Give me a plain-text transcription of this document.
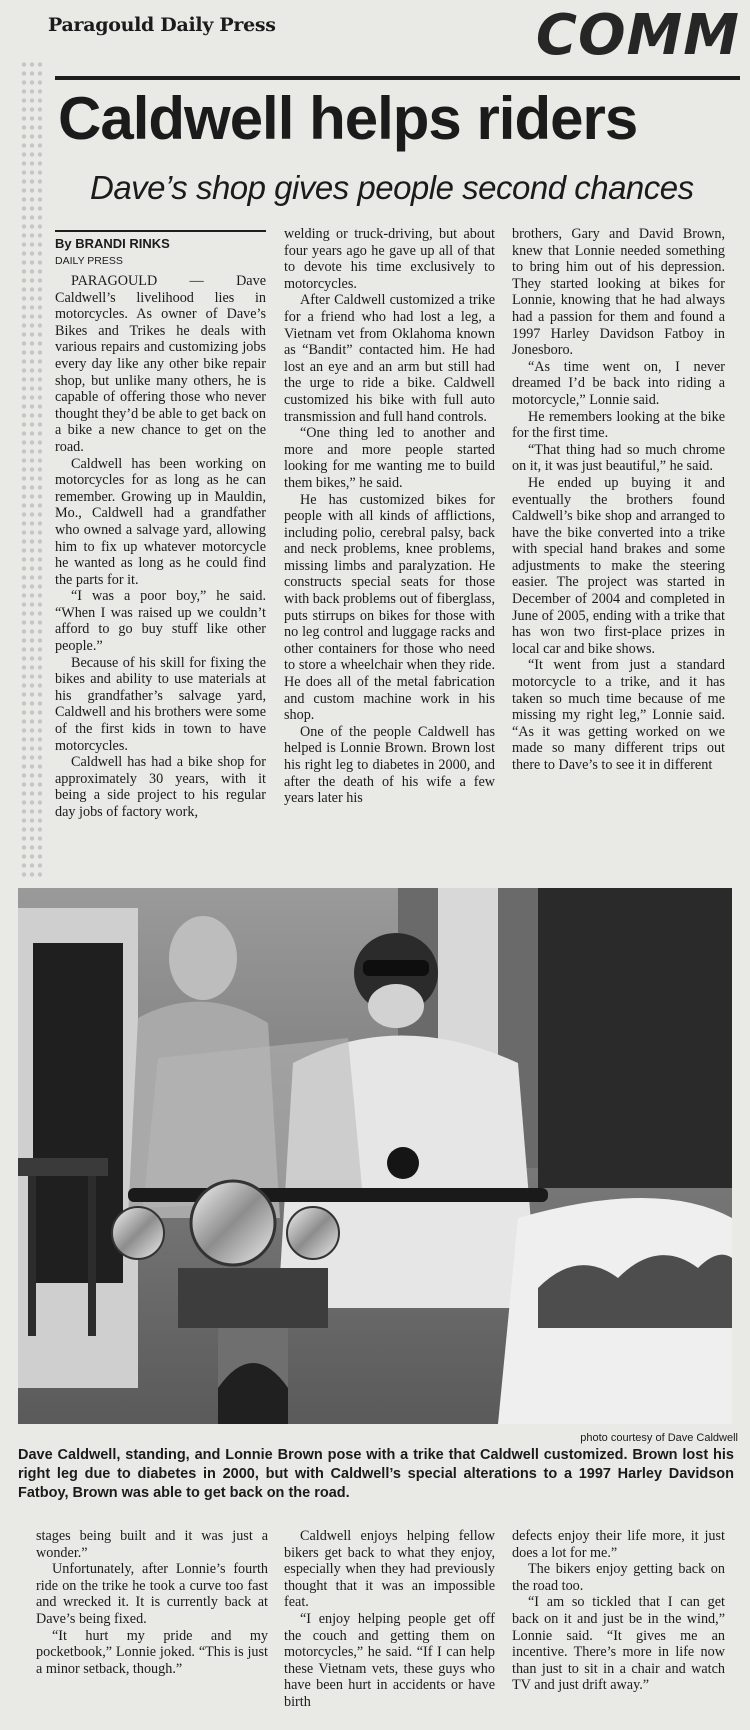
Paragould Daily Press	COMM
Caldwell helps riders
Dave’s shop gives people second chances
By BRANDI RINKS
DAILY PRESS

PARAGOULD — Dave Caldwell’s livelihood lies in motorcycles. As owner of Dave’s Bikes and Trikes he deals with various repairs and customizing jobs every day like any other bike repair shop, but unlike many others, he is capable of offering those who never thought they’d be able to get back on a bike a new chance to get on the road.

Caldwell has been working on motorcycles for as long as he can remember. Growing up in Mauldin, Mo., Caldwell had a grandfather who owned a salvage yard, allowing him to fix up whatever motorcycle he wanted as long as he could find the parts for it.

“I was a poor boy,” he said. “When I was raised up we couldn’t afford to go buy stuff like other people.”

Because of his skill for fixing the bikes and ability to use materials at his grandfather’s salvage yard, Caldwell and his brothers were some of the first kids in town to have motorcycles.

Caldwell has had a bike shop for approximately 30 years, with it being a side project to his regular day jobs of factory work,

welding or truck-driving, but about four years ago he gave up all of that to devote his time exclusively to motorcycles.

After Caldwell customized a trike for a friend who had lost a leg, a Vietnam vet from Oklahoma known as “Bandit” contacted him. He had lost an eye and an arm but still had the urge to ride a bike. Caldwell customized his bike with full auto transmission and full hand controls.

“One thing led to another and more and more people started looking for me wanting me to build them bikes,” he said.

He has customized bikes for people with all kinds of afflictions, including polio, cerebral palsy, back and neck problems, knee problems, missing limbs and paralyzation. He constructs special seats for those with back problems out of fiberglass, puts stirrups on bikes for those with no leg control and luggage racks and other containers for those who need to store a wheelchair when they ride. He does all of the metal fabrication and custom machine work in his shop.

One of the people Caldwell has helped is Lonnie Brown. Brown lost his right leg to diabetes in 2000, and after the death of his wife a few years later his

brothers, Gary and David Brown, knew that Lonnie needed something to bring him out of his depression. They started looking at bikes for Lonnie, knowing that he had always had a passion for them and found a 1997 Harley Davidson Fatboy in Jonesboro.

“As time went on, I never dreamed I’d be back into riding a motorcycle,” Lonnie said.

He remembers looking at the bike for the first time.

“That thing had so much chrome on it, it was just beautiful,” he said.

He ended up buying it and eventually the brothers found Caldwell’s bike shop and arranged to have the bike converted into a trike with special hand brakes and some adjustments to make the steering easier. The project was started in December of 2004 and completed in June of 2005, ending with a trike that has won two first-place prizes in local car and bike shows.

“It went from just a standard motorcycle to a trike, and it has taken so much time because of me missing my right leg,” Lonnie said. “As it was getting worked on we made so many different trips out there to Dave’s to see it in different

photo courtesy of Dave Caldwell
Dave Caldwell, standing, and Lonnie Brown pose with a trike that Caldwell customized. Brown lost his right leg due to diabetes in 2000, but with Caldwell’s special alterations to a 1997 Harley Davidson Fatboy, Brown was able to get back on the road.

stages being built and it was just a wonder.”

Unfortunately, after Lonnie’s fourth ride on the trike he took a curve too fast and wrecked it. It is currently back at Dave’s being fixed.

“It hurt my pride and my pocketbook,” Lonnie joked. “This is just a minor setback, though.”

Caldwell enjoys helping fellow bikers get back to what they enjoy, especially when they had previously thought that it was an impossible feat.

“I enjoy helping people get off the couch and getting them on motorcycles,” he said. “If I can help these Vietnam vets, these guys who have been hurt in accidents or have birth

defects enjoy their life more, it just does a lot for me.”

The bikers enjoy getting back on the road too.

“I am so tickled that I can get back on it and just be in the wind,” Lonnie said. “It gives me an incentive. There’s more in life now than just to sit in a chair and watch TV and just drift away.”
